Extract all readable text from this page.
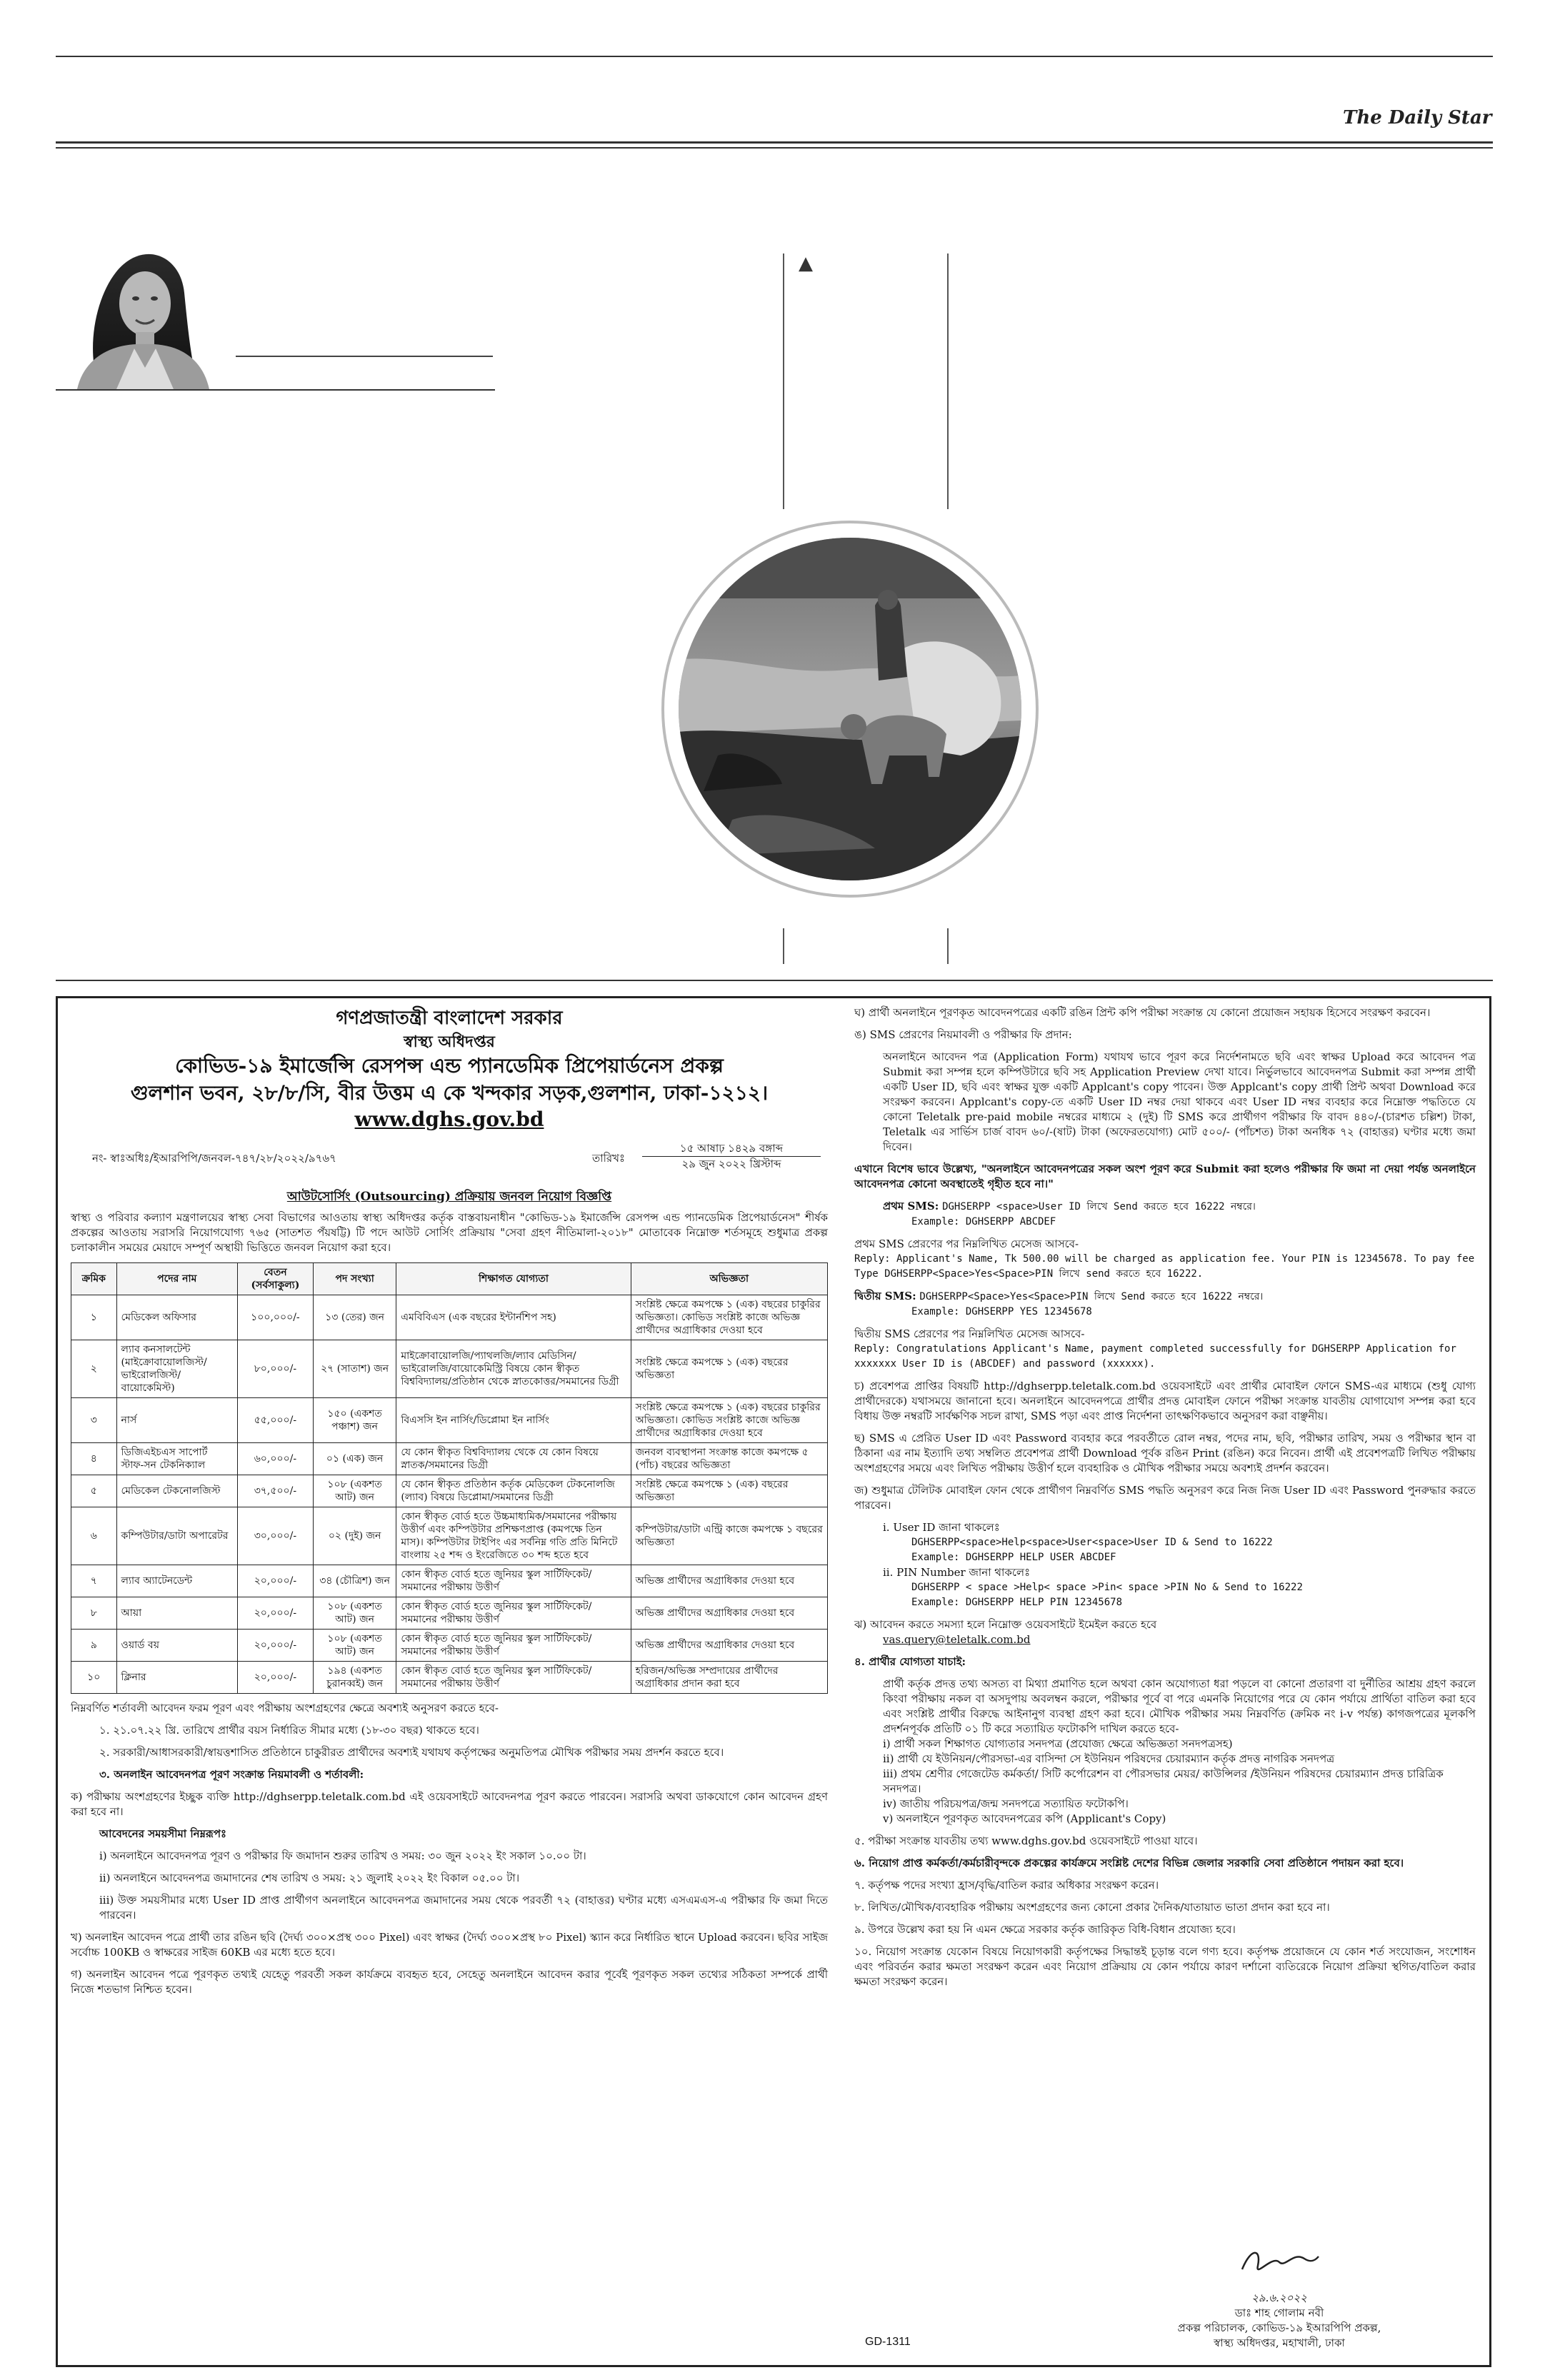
The Daily Star
▲
গণপ্রজাতন্ত্রী বাংলাদেশ সরকার
স্বাস্থ্য অধিদপ্তর
কোভিড-১৯ ইমার্জেন্সি রেসপন্স এন্ড প্যানডেমিক প্রিপেয়ার্ডনেস প্রকল্প
গুলশান ভবন, ২৮/৮/সি, বীর উত্তম এ কে খন্দকার সড়ক,গুলশান, ঢাকা-১২১২।
www.dghs.gov.bd
নং- স্বাঃঅধিঃ/ইআরপিপি/জনবল-৭৪৭/২৮/২০২২/৯৭৬৭	তারিখঃ
১৫ আষাঢ় ১৪২৯ বঙ্গাব্দ
২৯ জুন ২০২২ খ্রিস্টাব্দ
আউটসোর্সিং (Outsourcing) প্রক্রিয়ায় জনবল নিয়োগ বিজ্ঞপ্তি
স্বাস্থ্য ও পরিবার কল্যাণ মন্ত্রণালয়ের স্বাস্থ্য সেবা বিভাগের আওতায় স্বাস্থ্য অধিদপ্তর কর্তৃক বাস্তবায়নাধীন "কোভিড-১৯ ইমার্জেন্সি রেসপন্স এন্ড প্যানডেমিক প্রিপেয়ার্ডনেস" শীর্ষক প্রকল্পের আওতায় সরাসরি নিয়োগযোগ্য ৭৬৫ (সাতশত পঁয়ষট্টি) টি পদে আউট সোর্সিং প্রক্রিয়ায় "সেবা গ্রহণ নীতিমালা-২০১৮" মোতাবেক নিম্নোক্ত শর্তসমূহে শুধুমাত্র প্রকল্প চলাকালীন সময়ের মেয়াদে সম্পূর্ণ অস্থায়ী ভিত্তিতে জনবল নিয়োগ করা হবে।
ক্রমিক	পদের নাম	বেতন (সর্বসাকুল্য)	পদ সংখ্যা	শিক্ষাগত যোগ্যতা	অভিজ্ঞতা
১	মেডিকেল অফিসার	১০০,০০০/-	১৩ (তের) জন	এমবিবিএস (এক বছরের ইন্টার্নশিপ সহ)	সংশ্লিষ্ট ক্ষেত্রে কমপক্ষে ১ (এক) বছরের চাকুরির অভিজ্ঞতা। কোভিড সংশ্লিষ্ট কাজে অভিজ্ঞ প্রার্থীদের অগ্রাধিকার দেওয়া হবে
২	ল্যাব কনসালটেন্ট (মাইক্রোবায়োলজিস্ট/ ভাইরোলজিস্ট/ বায়োকেমিস্ট)	৮০,০০০/-	২৭ (সাতাশ) জন	মাইক্রোবায়োলজি/প্যাথলজি/ল্যাব মেডিসিন/ভাইরোলজি/বায়োকেমিস্ট্রি বিষয়ে কোন স্বীকৃত বিশ্ববিদ্যালয়/প্রতিষ্ঠান থেকে স্নাতকোত্তর/সমমানের ডিগ্রী	সংশ্লিষ্ট ক্ষেত্রে কমপক্ষে ১ (এক) বছরের অভিজ্ঞতা
৩	নার্স	৫৫,০০০/-	১৫০ (একশত পঞ্চাশ) জন	বিএসসি ইন নার্সিং/ডিপ্লোমা ইন নার্সিং	সংশ্লিষ্ট ক্ষেত্রে কমপক্ষে ১ (এক) বছরের চাকুরির অভিজ্ঞতা। কোভিড সংশ্লিষ্ট কাজে অভিজ্ঞ প্রার্থীদের অগ্রাধিকার দেওয়া হবে
৪	ডিজিএইচএস সাপোর্ট স্টাফ-সন টেকনিক্যাল	৬০,০০০/-	০১ (এক) জন	যে কোন স্বীকৃত বিশ্ববিদ্যালয় থেকে যে কোন বিষয়ে স্নাতক/সমমানের ডিগ্রী	জনবল ব্যবস্থাপনা সংক্রান্ত কাজে কমপক্ষে ৫ (পাঁচ) বছরের অভিজ্ঞতা
৫	মেডিকেল টেকনোলজিস্ট	৩৭,৫০০/-	১০৮ (একশত আট) জন	যে কোন স্বীকৃত প্রতিষ্ঠান কর্তৃক মেডিকেল টেকনোলজি (ল্যাব) বিষয়ে ডিপ্লোমা/সমমানের ডিগ্রী	সংশ্লিষ্ট ক্ষেত্রে কমপক্ষে ১ (এক) বছরের অভিজ্ঞতা
৬	কম্পিউটার/ডাটা অপারেটর	৩০,০০০/-	০২ (দুই) জন	কোন স্বীকৃত বোর্ড হতে উচ্চমাধ্যমিক/সমমানের পরীক্ষায় উত্তীর্ণ এবং কম্পিউটার প্রশিক্ষণপ্রাপ্ত (কমপক্ষে তিন মাস)। কম্পিউটার টাইপিং এর সর্বনিম্ন গতি প্রতি মিনিটে বাংলায় ২৫ শব্দ ও ইংরেজিতে ৩০ শব্দ হতে হবে	কম্পিউটার/ডাটা এন্ট্রি কাজে কমপক্ষে ১ বছরের অভিজ্ঞতা
৭	ল্যাব অ্যাটেনডেন্ট	২০,০০০/-	৩৪ (চৌত্রিশ) জন	কোন স্বীকৃত বোর্ড হতে জুনিয়র স্কুল সার্টিফিকেট/সমমানের পরীক্ষায় উত্তীর্ণ	অভিজ্ঞ প্রার্থীদের অগ্রাধিকার দেওয়া হবে
৮	আয়া	২০,০০০/-	১০৮ (একশত আট) জন	কোন স্বীকৃত বোর্ড হতে জুনিয়র স্কুল সার্টিফিকেট/সমমানের পরীক্ষায় উত্তীর্ণ	অভিজ্ঞ প্রার্থীদের অগ্রাধিকার দেওয়া হবে
৯	ওয়ার্ড বয়	২০,০০০/-	১০৮ (একশত আট) জন	কোন স্বীকৃত বোর্ড হতে জুনিয়র স্কুল সার্টিফিকেট/সমমানের পরীক্ষায় উত্তীর্ণ	অভিজ্ঞ প্রার্থীদের অগ্রাধিকার দেওয়া হবে
১০	ক্লিনার	২০,০০০/-	১৯৪ (একশত চুরানব্বই) জন	কোন স্বীকৃত বোর্ড হতে জুনিয়র স্কুল সার্টিফিকেট/সমমানের পরীক্ষায় উত্তীর্ণ	হরিজন/অভিজ্ঞ সম্প্রদায়ের প্রার্থীদের অগ্রাধিকার প্রদান করা হবে
নিম্নবর্ণিত শর্তাবলী আবেদন ফরম পূরণ এবং পরীক্ষায় অংশগ্রহণের ক্ষেত্রে অবশ্যই অনুসরণ করতে হবে-
১. ২১.০৭.২২ খ্রি. তারিখে প্রার্থীর বয়স নির্ধারিত সীমার মধ্যে (১৮-৩০ বছর) থাকতে হবে।
২. সরকারী/আধাসরকারী/স্বায়ত্তশাসিত প্রতিষ্ঠানে চাকুরীরত প্রার্থীদের অবশ্যই যথাযথ কর্তৃপক্ষের অনুমতিপত্র মৌখিক পরীক্ষার সময় প্রদর্শন করতে হবে।
৩. অনলাইন আবেদনপত্র পূরণ সংক্রান্ত নিয়মাবলী ও শর্তাবলী:
ক) পরীক্ষায় অংশগ্রহণের ইচ্ছুক ব্যক্তি http://dghserpp.teletalk.com.bd এই ওয়েবসাইটে আবেদনপত্র পূরণ করতে পারবেন। সরাসরি অথবা ডাকযোগে কোন আবেদন গ্রহণ করা হবে না।
আবেদনের সময়সীমা নিম্নরূপঃ
i) অনলাইনে আবেদনপত্র পূরণ ও পরীক্ষার ফি জমাদান শুরুর তারিখ ও সময়: ৩০ জুন ২০২২ ইং সকাল ১০.০০ টা।
ii) অনলাইনে আবেদনপত্র জমাদানের শেষ তারিখ ও সময়: ২১ জুলাই ২০২২ ইং বিকাল ০৫.০০ টা।
iii) উক্ত সময়সীমার মধ্যে User ID প্রাপ্ত প্রার্থীগণ অনলাইনে আবেদনপত্র জমাদানের সময় থেকে পরবর্তী ৭২ (বাহাত্তর) ঘণ্টার মধ্যে এসএমএস-এ পরীক্ষার ফি জমা দিতে পারবেন।
খ) অনলাইন আবেদন পত্রে প্রার্থী তার রঙিন ছবি (দৈর্ঘ্য ৩০০×প্রস্থ ৩০০ Pixel) এবং স্বাক্ষর (দৈর্ঘ্য ৩০০×প্রস্থ ৮০ Pixel) স্ক্যান করে নির্ধারিত স্থানে Upload করবেন। ছবির সাইজ সর্বোচ্চ 100KB ও স্বাক্ষরের সাইজ 60KB এর মধ্যে হতে হবে।
গ) অনলাইন আবেদন পত্রে পূরণকৃত তথ্যই যেহেতু পরবর্তী সকল কার্যক্রমে ব্যবহৃত হবে, সেহেতু অনলাইনে আবেদন করার পূর্বেই পূরণকৃত সকল তথ্যের সঠিকতা সম্পর্কে প্রার্থী নিজে শতভাগ নিশ্চিত হবেন।
ঘ) প্রার্থী অনলাইনে পূরণকৃত আবেদনপত্রের একটি রঙিন প্রিন্ট কপি পরীক্ষা সংক্রান্ত যে কোনো প্রয়োজন সহায়ক হিসেবে সংরক্ষণ করবেন।
ঙ) SMS প্রেরণের নিয়মাবলী ও পরীক্ষার ফি প্রদান:
অনলাইনে আবেদন পত্র (Application Form) যথাযথ ভাবে পূরণ করে নির্দেশনামতে ছবি এবং স্বাক্ষর Upload করে আবেদন পত্র Submit করা সম্পন্ন হলে কম্পিউটারে ছবি সহ Application Preview দেখা যাবে। নির্ভুলভাবে আবেদনপত্র Submit করা সম্পন্ন প্রার্থী একটি User ID, ছবি এবং স্বাক্ষর যুক্ত একটি Applcant's copy পাবেন। উক্ত Applcant's copy প্রার্থী প্রিন্ট অথবা Download করে সংরক্ষণ করবেন। Applcant's copy-তে একটি User ID নম্বর দেয়া থাকবে এবং User ID নম্বর ব্যবহার করে নিম্নোক্ত পদ্ধতিতে যে কোনো Teletalk pre-paid mobile নম্বরের মাধ্যমে ২ (দুই) টি SMS করে প্রার্থীগণ পরীক্ষার ফি বাবদ ৪৪০/-(চারশত চল্লিশ) টাকা, Teletalk এর সার্ভিস চার্জ বাবদ ৬০/-(ষাট) টাকা (অফেরতযোগ্য) মোট ৫০০/- (পাঁচশত) টাকা অনধিক ৭২ (বাহাত্তর) ঘণ্টার মধ্যে জমা দিবেন।
এখানে বিশেষ ভাবে উল্লেখ্য, "অনলাইনে আবেদনপত্রের সকল অংশ পূরণ করে Submit করা হলেও পরীক্ষার ফি জমা না দেয়া পর্যন্ত অনলাইনে আবেদনপত্র কোনো অবস্থাতেই গৃহীত হবে না।"
প্রথম SMS: DGHSERPP <space>User ID লিখে Send করতে হবে 16222 নম্বরে।
Example: DGHSERPP ABCDEF
প্রথম SMS প্রেরণের পর নিম্নলিখিত মেসেজ আসবে-
Reply: Applicant's Name, Tk 500.00 will be charged as application fee. Your PIN is 12345678. To pay fee Type DGHSERPP<Space>Yes<Space>PIN লিখে send করতে হবে 16222.
দ্বিতীয় SMS: DGHSERPP<Space>Yes<Space>PIN লিখে Send করতে হবে 16222 নম্বরে।
Example: DGHSERPP YES 12345678
দ্বিতীয় SMS প্রেরণের পর নিম্নলিখিত মেসেজ আসবে-
Reply: Congratulations Applicant's Name, payment completed successfully for DGHSERPP Application for xxxxxxx User ID is (ABCDEF) and password (xxxxxx).
চ) প্রবেশপত্র প্রাপ্তির বিষয়টি http://dghserpp.teletalk.com.bd ওয়েবসাইটে এবং প্রার্থীর মোবাইল ফোনে SMS-এর মাধ্যমে (শুধু যোগ্য প্রার্থীদেরকে) যথাসময়ে জানানো হবে। অনলাইনে আবেদনপত্রে প্রার্থীর প্রদত্ত মোবাইল ফোনে পরীক্ষা সংক্রান্ত যাবতীয় যোগাযোগ সম্পন্ন করা হবে বিধায় উক্ত নম্বরটি সার্বক্ষণিক সচল রাখা, SMS পড়া এবং প্রাপ্ত নির্দেশনা তাৎক্ষণিকভাবে অনুসরণ করা বাঞ্ছনীয়।
ছ) SMS এ প্রেরিত User ID এবং Password ব্যবহার করে পরবর্তীতে রোল নম্বর, পদের নাম, ছবি, পরীক্ষার তারিখ, সময় ও পরীক্ষার স্থান বা ঠিকানা এর নাম ইত্যাদি তথ্য সম্বলিত প্রবেশপত্র প্রার্থী Download পূর্বক রঙিন Print (রঙিন) করে নিবেন। প্রার্থী এই প্রবেশপত্রটি লিখিত পরীক্ষায় অংশগ্রহণের সময়ে এবং লিখিত পরীক্ষায় উত্তীর্ণ হলে ব্যবহারিক ও মৌখিক পরীক্ষার সময়ে অবশ্যই প্রদর্শন করবেন।
জ) শুধুমাত্র টেলিটক মোবাইল ফোন থেকে প্রার্থীগণ নিম্নবর্ণিত SMS পদ্ধতি অনুসরণ করে নিজ নিজ User ID এবং Password পুনরুদ্ধার করতে পারবেন।
i. User ID জানা থাকলেঃ
DGHSERPP<space>Help<space>User<space>User ID & Send to 16222
Example: DGHSERPP HELP USER ABCDEF
ii. PIN Number জানা থাকলেঃ
DGHSERPP < space >Help< space >Pin< space >PIN No & Send to 16222
Example: DGHSERPP HELP PIN 12345678
ঝ) আবেদন করতে সমস্যা হলে নিম্নোক্ত ওয়েবসাইটে ইমেইল করতে হবে
vas.query@teletalk.com.bd
৪. প্রার্থীর যোগ্যতা যাচাই:
প্রার্থী কর্তৃক প্রদত্ত তথ্য অসত্য বা মিথ্যা প্রমাণিত হলে অথবা কোন অযোগ্যতা ধরা পড়লে বা কোনো প্রতারণা বা দুর্নীতির আশ্রয় গ্রহণ করলে কিংবা পরীক্ষায় নকল বা অসদুপায় অবলম্বন করলে, পরীক্ষার পূর্বে বা পরে এমনকি নিয়োগের পরে যে কোন পর্যায়ে প্রার্থিতা বাতিল করা হবে এবং সংশ্লিষ্ট প্রার্থীর বিরুদ্ধে আইনানুগ ব্যবস্থা গ্রহণ করা হবে। মৌখিক পরীক্ষার সময় নিম্নবর্ণিত (ক্রমিক নং i-v পর্যন্ত) কাগজপত্রের মূলকপি প্রদর্শনপূর্বক প্রতিটি ০১ টি করে সত্যায়িত ফটোকপি দাখিল করতে হবে-
i) প্রার্থী সকল শিক্ষাগত যোগ্যতার সনদপত্র (প্রযোজ্য ক্ষেত্রে অভিজ্ঞতা সনদপত্রসহ)
ii) প্রার্থী যে ইউনিয়ন/পৌরসভা-এর বাসিন্দা সে ইউনিয়ন পরিষদের চেয়ারম্যান কর্তৃক প্রদত্ত নাগরিক সনদপত্র
iii) প্রথম শ্রেণীর গেজেটেড কর্মকর্তা/ সিটি কর্পোরেশন বা পৌরসভার মেয়র/ কাউন্সিলর /ইউনিয়ন পরিষদের চেয়ারম্যান প্রদত্ত চারিত্রিক সনদপত্র।
iv) জাতীয় পরিচয়পত্র/জন্ম সনদপত্রে সত্যায়িত ফটোকপি।
v) অনলাইনে পূরণকৃত আবেদনপত্রের কপি (Applicant's Copy)
৫. পরীক্ষা সংক্রান্ত যাবতীয় তথ্য www.dghs.gov.bd ওয়েবসাইটে পাওয়া যাবে।
৬. নিয়োগ প্রাপ্ত কর্মকর্তা/কর্মচারীবৃন্দকে প্রকল্পের কার্যক্রমে সংশ্লিষ্ট দেশের বিভিন্ন জেলার সরকারি সেবা প্রতিষ্ঠানে পদায়ন করা হবে।
৭. কর্তৃপক্ষ পদের সংখ্যা হ্রাস/বৃদ্ধি/বাতিল করার অধিকার সংরক্ষণ করেন।
৮. লিখিত/মৌখিক/ব্যবহারিক পরীক্ষায় অংশগ্রহণের জন্য কোনো প্রকার দৈনিক/যাতায়াত ভাতা প্রদান করা হবে না।
৯. উপরে উল্লেখ করা হয় নি এমন ক্ষেত্রে সরকার কর্তৃক জারিকৃত বিধি-বিধান প্রযোজ্য হবে।
১০. নিয়োগ সংক্রান্ত যেকোন বিষয়ে নিয়োগকারী কর্তৃপক্ষের সিদ্ধান্তই চূড়ান্ত বলে গণ্য হবে। কর্তৃপক্ষ প্রয়োজনে যে কোন শর্ত সংযোজন, সংশোধন এবং পরিবর্তন করার ক্ষমতা সংরক্ষণ করেন এবং নিয়োগ প্রক্রিয়ায় যে কোন পর্যায়ে কারণ দর্শানো ব্যতিরেকে নিয়োগ প্রক্রিয়া স্থগিত/বাতিল করার ক্ষমতা সংরক্ষণ করেন।
২৯.৬.২০২২
ডাঃ শাহ গোলাম নবী
প্রকল্প পরিচালক, কোভিড-১৯ ইআরপিপি প্রকল্প,
স্বাস্থ্য অধিদপ্তর, মহাখালী, ঢাকা
GD-1311
